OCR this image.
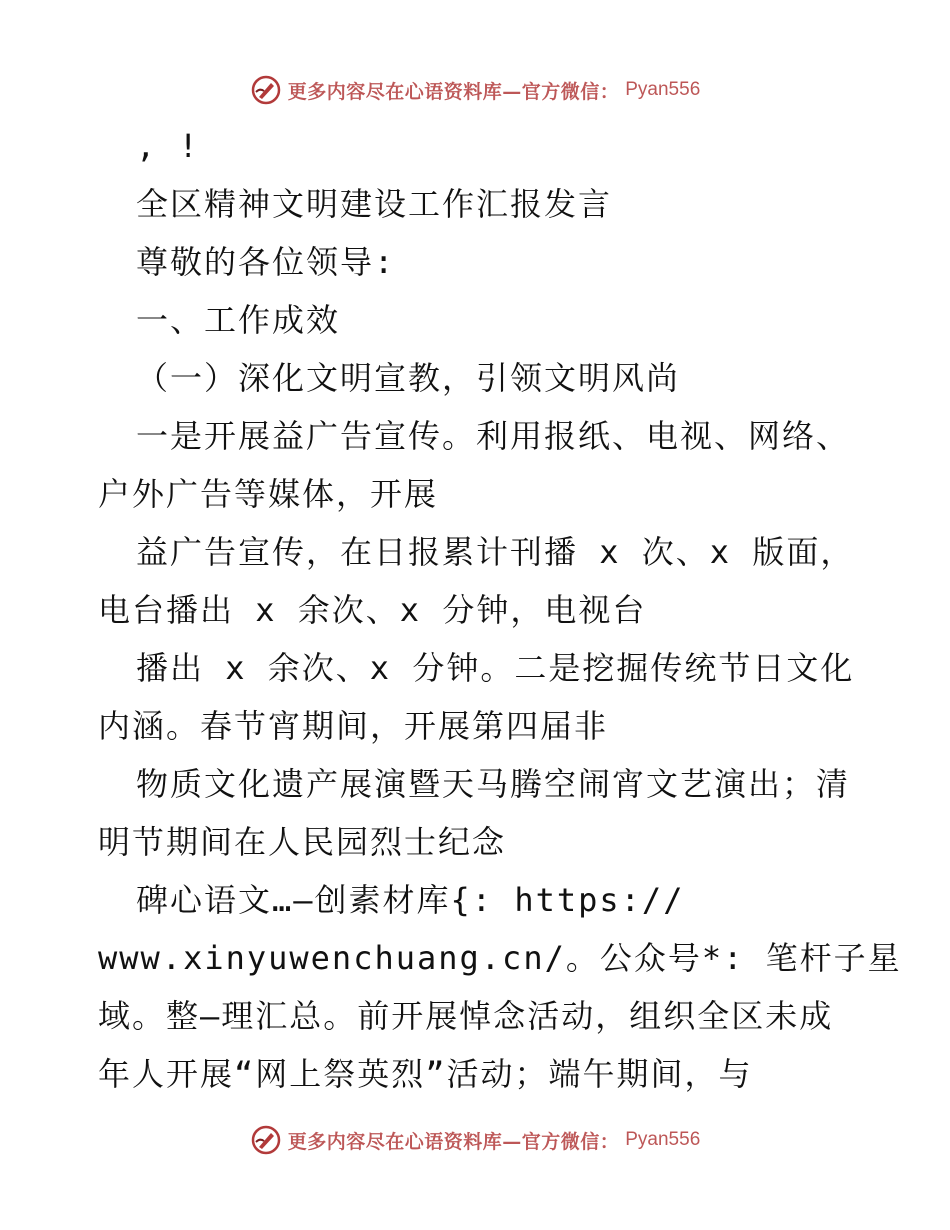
更多内容尽在心语资料库—官方微信： Pyan556
, !
全区精神文明建设工作汇报发言
尊敬的各位领导:
一、工作成效
（一）深化文明宣教，引领文明风尚
一是开展益广告宣传。利用报纸、电视、网络、
户外广告等媒体，开展
益广告宣传，在日报累计刊播 x 次、x 版面，
电台播出 x 余次、x 分钟，电视台
播出 x 余次、x 分钟。二是挖掘传统节日文化
内涵。春节宵期间，开展第四届非
物质文化遗产展演暨天马腾空闹宵文艺演出；清
明节期间在人民园烈士纪念
碑心语文…—创素材库{: https://
www.xinyuwenchuang.cn/。公众号*: 笔杆子星
域。整—理汇总。前开展悼念活动，组织全区未成
年人开展“网上祭英烈”活动；端午期间，与
更多内容尽在心语资料库—官方微信： Pyan556
